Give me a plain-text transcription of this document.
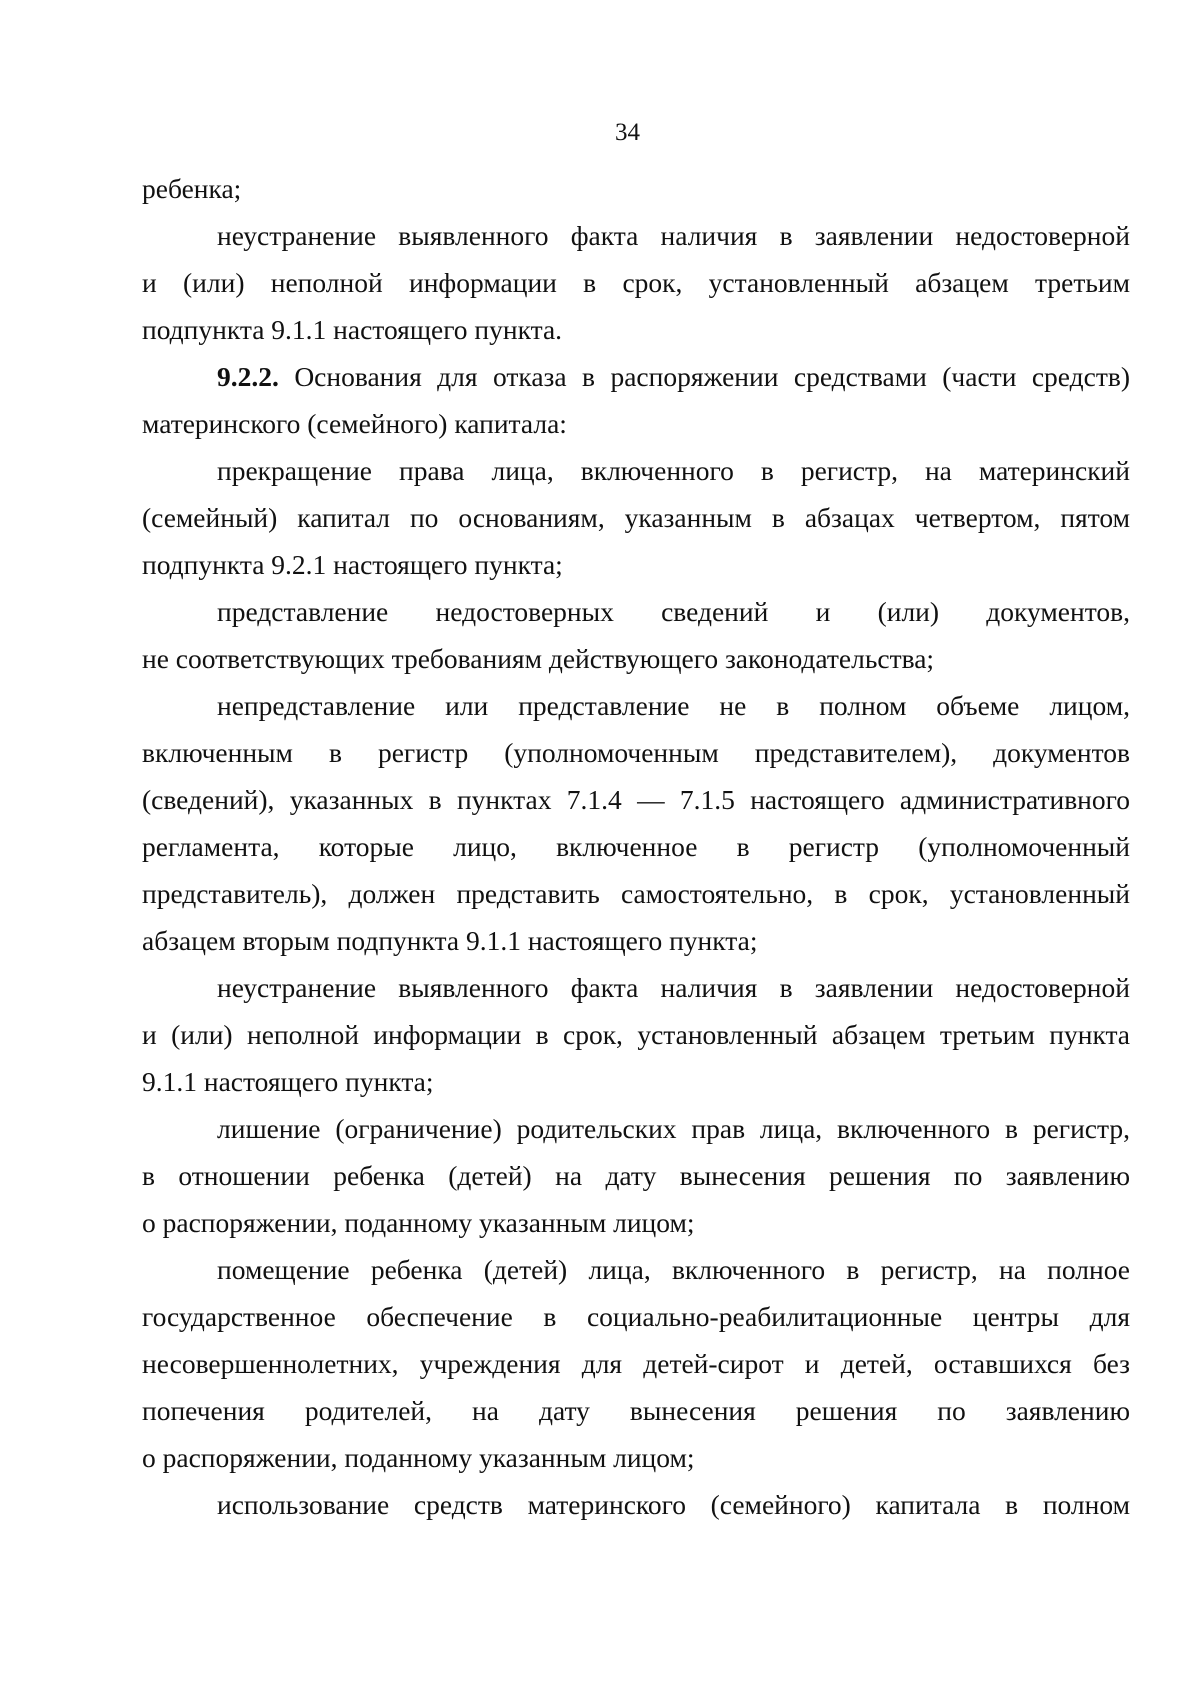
34

ребенка;

неустранение выявленного факта наличия в заявлении недостоверной
и (или) неполной информации в срок, установленный абзацем третьим
подпункта 9.1.1 настоящего пункта.

9.2.2. Основания для отказа в распоряжении средствами (части средств)
материнского (семейного) капитала:

прекращение права лица, включенного в регистр, на материнский
(семейный) капитал по основаниям, указанным в абзацах четвертом, пятом
подпункта 9.2.1 настоящего пункта;

представление недостоверных сведений и (или) документов,
не соответствующих требованиям действующего законодательства;

непредставление или представление не в полном объеме лицом,
включенным в регистр (уполномоченным представителем), документов
(сведений), указанных в пунктах 7.1.4 — 7.1.5 настоящего административного
регламента, которые лицо, включенное в регистр (уполномоченный
представитель), должен представить самостоятельно, в срок, установленный
абзацем вторым подпункта 9.1.1 настоящего пункта;

неустранение выявленного факта наличия в заявлении недостоверной
и (или) неполной информации в срок, установленный абзацем третьим пункта
9.1.1 настоящего пункта;

лишение (ограничение) родительских прав лица, включенного в регистр,
в отношении ребенка (детей) на дату вынесения решения по заявлению
о распоряжении, поданному указанным лицом;

помещение ребенка (детей) лица, включенного в регистр, на полное
государственное обеспечение в социально-реабилитационные центры для
несовершеннолетних, учреждения для детей-сирот и детей, оставшихся без
попечения родителей, на дату вынесения решения по заявлению
о распоряжении, поданному указанным лицом;

использование средств материнского (семейного) капитала в полном
